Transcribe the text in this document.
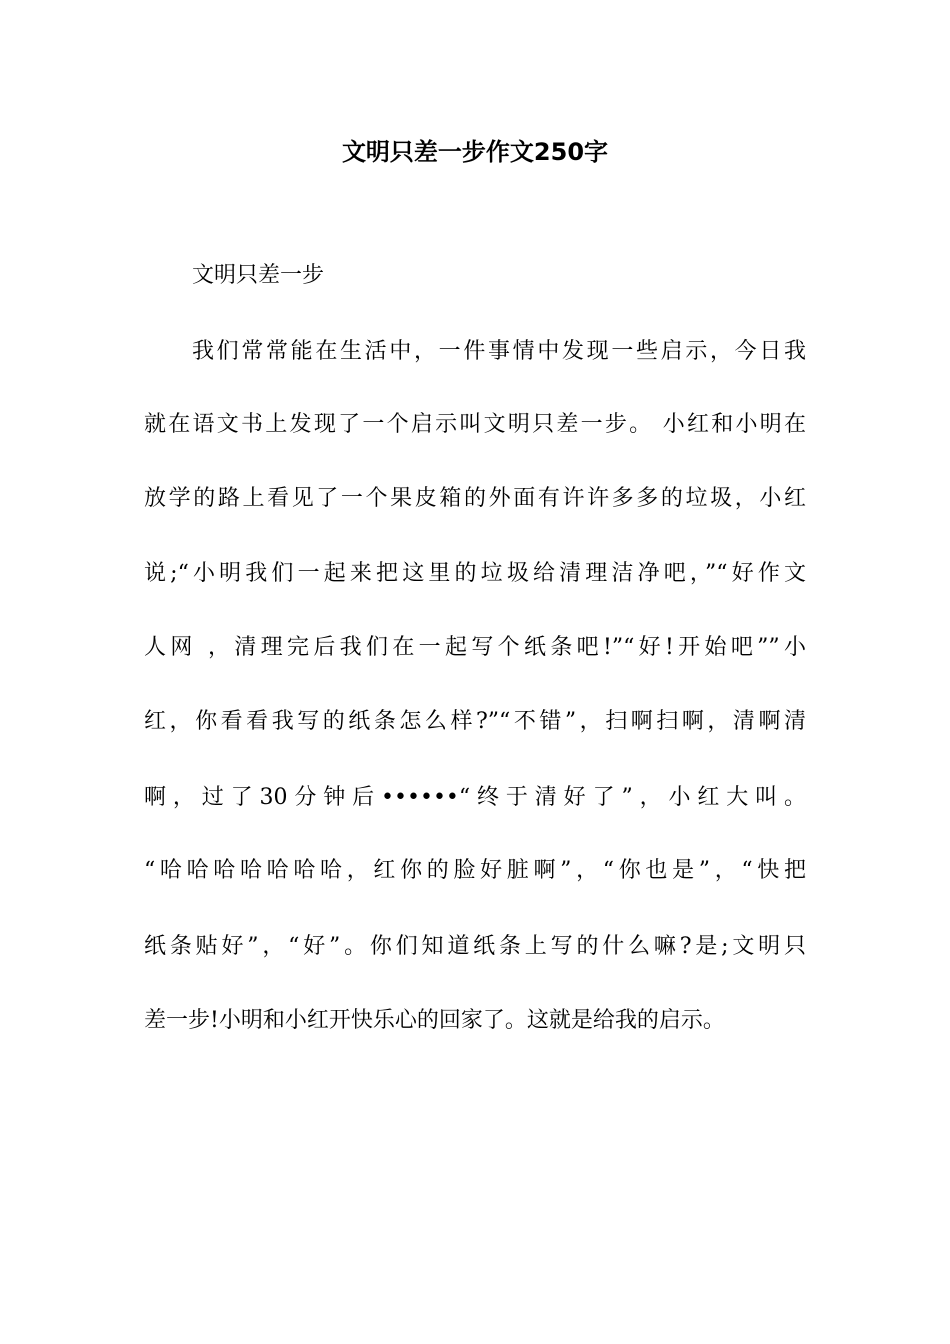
文明只差一步作文250字

文明只差一步

我们常常能在生活中，一件事情中发现一些启示，今日我

就在语文书上发现了一个启示叫文明只差一步。 小红和小明在

放学的路上看见了一个果皮箱的外面有许许多多的垃圾，小红

说;“小明我们一起来把这里的垃圾给清理洁净吧，”“好作文

人网 ，清理完后我们在一起写个纸条吧!”“好!开始吧””小

红，你看看我写的纸条怎么样?”“不错”，扫啊扫啊，清啊清

啊，过了30分钟后••••••“终于清好了”，小红大叫。

“哈哈哈哈哈哈哈，红你的脸好脏啊”，“你也是”，“快把

纸条贴好”，“好”。你们知道纸条上写的什么嘛?是;文明只

差一步!小明和小红开快乐心的回家了。这就是给我的启示。
